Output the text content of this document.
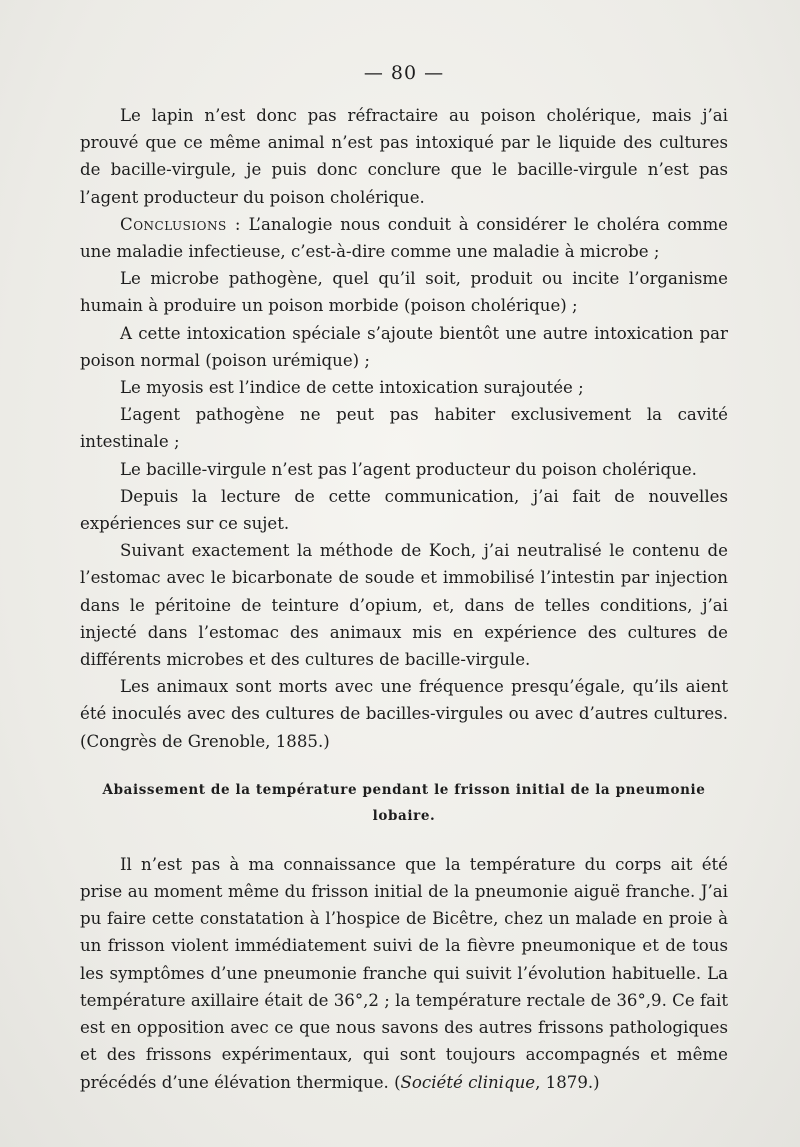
— 80 —

Le lapin n’est donc pas réfractaire au poison cholérique, mais j’ai prouvé que ce même animal n’est pas intoxiqué par le liquide des cultures de bacille-virgule, je puis donc conclure que le bacille-virgule n’est pas l’agent producteur du poison cholérique.

Conclusions : L’analogie nous conduit à considérer le choléra comme une maladie infectieuse, c’est-à-dire comme une maladie à microbe ;

Le microbe pathogène, quel qu’il soit, produit ou incite l’organisme humain à produire un poison morbide (poison cholérique) ;

A cette intoxication spéciale s’ajoute bientôt une autre intoxication par poison normal (poison urémique) ;

Le myosis est l’indice de cette intoxication surajoutée ;

L’agent pathogène ne peut pas habiter exclusivement la cavité intestinale ;

Le bacille-virgule n’est pas l’agent producteur du poison cholérique.

Depuis la lecture de cette communication, j’ai fait de nouvelles expériences sur ce sujet.

Suivant exactement la méthode de Koch, j’ai neutralisé le contenu de l’estomac avec le bicarbonate de soude et immobilisé l’intestin par injection dans le péritoine de teinture d’opium, et, dans de telles conditions, j’ai injecté dans l’estomac des animaux mis en expérience des cultures de différents microbes et des cultures de bacille-virgule.

Les animaux sont morts avec une fréquence presqu’égale, qu’ils aient été inoculés avec des cultures de bacilles-virgules ou avec d’autres cultures. (Congrès de Grenoble, 1885.)

Abaissement de la température pendant le frisson initial de la pneumonie lobaire.

Il n’est pas à ma connaissance que la température du corps ait été prise au moment même du frisson initial de la pneumonie aiguë franche. J’ai pu faire cette constatation à l’hospice de Bicêtre, chez un malade en proie à un frisson violent immédiatement suivi de la fièvre pneumonique et de tous les symptômes d’une pneumonie franche qui suivit l’évolution habituelle. La température axillaire était de 36°,2 ; la température rectale de 36°,9. Ce fait est en opposition avec ce que nous savons des autres frissons pathologiques et des frissons expérimentaux, qui sont toujours accompagnés et même précédés d’une élévation thermique. (Société clinique, 1879.)
